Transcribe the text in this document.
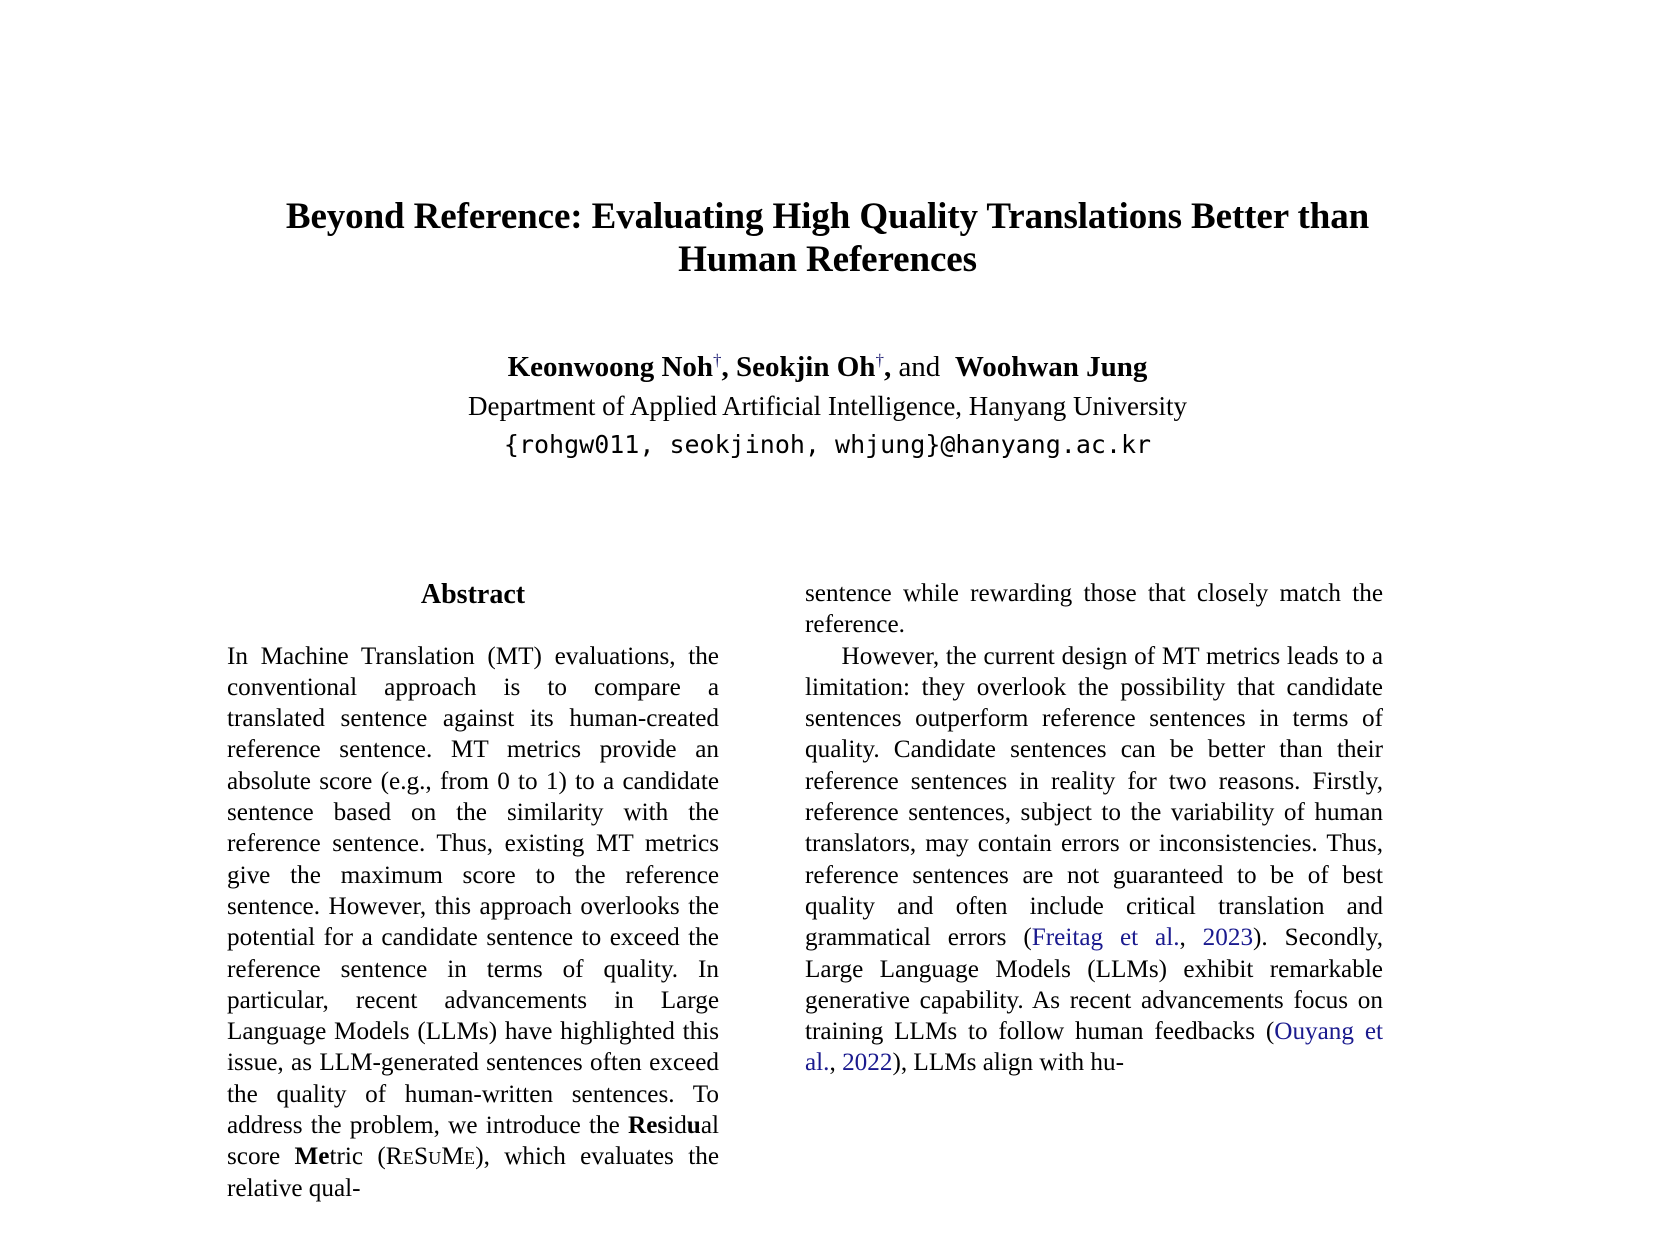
Beyond Reference: Evaluating High Quality Translations Better than Human References

Keonwoong Noh†, Seokjin Oh†, and Woohwan Jung

Department of Applied Artificial Intelligence, Hanyang University

{rohgw011, seokjinoh, whjung}@hanyang.ac.kr

Abstract

In Machine Translation (MT) evaluations, the conventional approach is to compare a translated sentence against its human-created reference sentence. MT metrics provide an absolute score (e.g., from 0 to 1) to a candidate sentence based on the similarity with the reference sentence. Thus, existing MT metrics give the maximum score to the reference sentence. However, this approach overlooks the potential for a candidate sentence to exceed the reference sentence in terms of quality. In particular, recent advancements in Large Language Models (LLMs) have highlighted this issue, as LLM-generated sentences often exceed the quality of human-written sentences. To address the problem, we introduce the Residual score Metric (ReSuMe), which evaluates the relative qual-

sentence while rewarding those that closely match the reference.

However, the current design of MT metrics leads to a limitation: they overlook the possibility that candidate sentences outperform reference sentences in terms of quality. Candidate sentences can be better than their reference sentences in reality for two reasons. Firstly, reference sentences, subject to the variability of human translators, may contain errors or inconsistencies. Thus, reference sentences are not guaranteed to be of best quality and often include critical translation and grammatical errors (Freitag et al., 2023). Secondly, Large Language Models (LLMs) exhibit remarkable generative capability. As recent advancements focus on training LLMs to follow human feedbacks (Ouyang et al., 2022), LLMs align with hu-
